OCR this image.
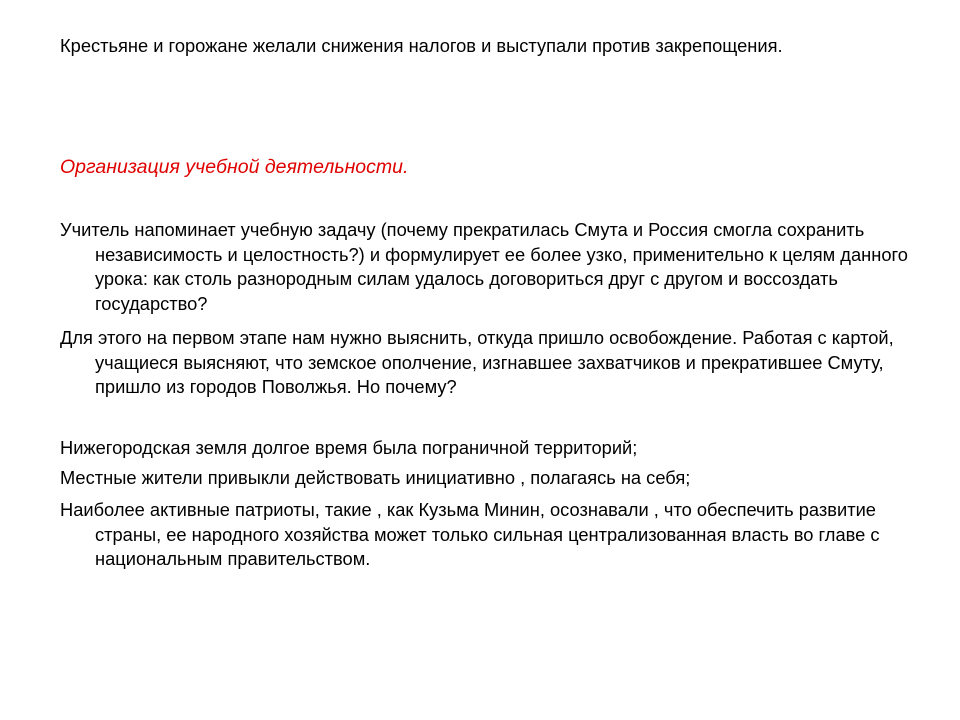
Крестьяне и горожане желали снижения налогов и выступали против закрепощения.

Организация учебной деятельности.

Учитель напоминает учебную задачу (почему прекратилась Смута и Россия смогла сохранить независимость и целостность?) и формулирует ее более узко, применительно к целям данного урока: как столь разнородным силам удалось договориться друг с другом и воссоздать государство?

Для этого на первом этапе нам нужно выяснить, откуда пришло освобождение. Работая с картой, учащиеся выясняют, что земское ополчение, изгнавшее захватчиков и прекратившее Смуту, пришло из городов Поволжья. Но почему?

Нижегородская земля долгое время была пограничной территорий;

Местные жители привыкли действовать инициативно , полагаясь на себя;

Наиболее активные патриоты, такие , как Кузьма Минин, осознавали , что обеспечить развитие страны, ее народного хозяйства может только сильная централизованная власть во главе с национальным правительством.
